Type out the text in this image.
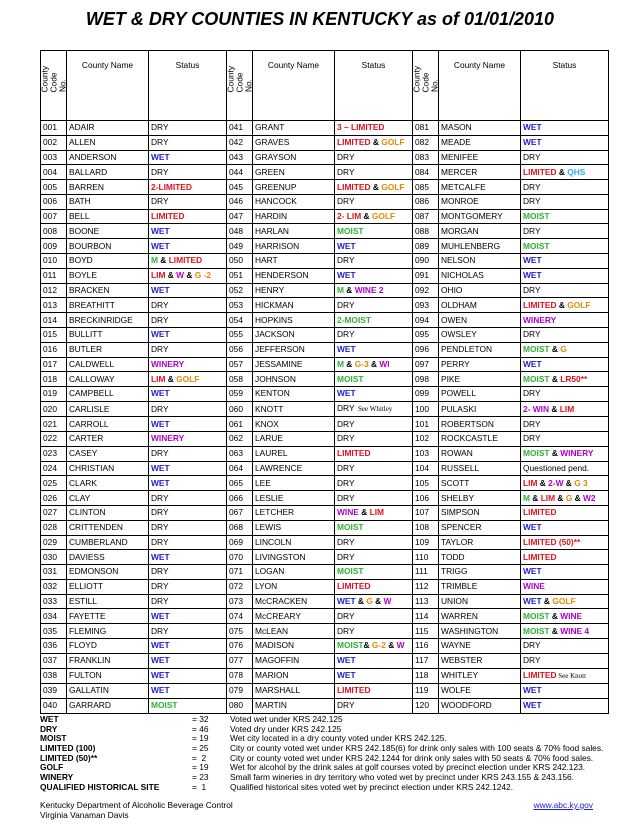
WET & DRY COUNTIES IN KENTUCKY as of 01/01/2010
County Code No.	County Name	Status	County Code No.	County Name	Status	County Code No.	County Name	Status
001	ADAIR	DRY	041	GRANT	3 – LIMITED	081	MASON	WET
002	ALLEN	DRY	042	GRAVES	LIMITED & GOLF	082	MEADE	WET
003	ANDERSON	WET	043	GRAYSON	DRY	083	MENIFEE	DRY
004	BALLARD	DRY	044	GREEN	DRY	084	MERCER	LIMITED & QHS
005	BARREN	2-LIMITED	045	GREENUP	LIMITED & GOLF	085	METCALFE	DRY
006	BATH	DRY	046	HANCOCK	DRY	086	MONROE	DRY
007	BELL	LIMITED	047	HARDIN	2- LIM & GOLF	087	MONTGOMERY	MOIST
008	BOONE	WET	048	HARLAN	MOIST	088	MORGAN	DRY
009	BOURBON	WET	049	HARRISON	WET	089	MUHLENBERG	MOIST
010	BOYD	M & LIMITED	050	HART	DRY	090	NELSON	WET
011	BOYLE	LIM & W & G -2	051	HENDERSON	WET	091	NICHOLAS	WET
012	BRACKEN	WET	052	HENRY	M & WINE 2	092	OHIO	DRY
013	BREATHITT	DRY	053	HICKMAN	DRY	093	OLDHAM	LIMITED & GOLF
014	BRECKINRIDGE	DRY	054	HOPKINS	2-MOIST	094	OWEN	WINERY
015	BULLITT	WET	055	JACKSON	DRY	095	OWSLEY	DRY
016	BUTLER	DRY	056	JEFFERSON	WET	096	PENDLETON	MOIST & G
017	CALDWELL	WINERY	057	JESSAMINE	M & G-3 & WI	097	PERRY	WET
018	CALLOWAY	LIM & GOLF	058	JOHNSON	MOIST	098	PIKE	MOIST & LR50**
019	CAMPBELL	WET	059	KENTON	WET	099	POWELL	DRY
020	CARLISLE	DRY	060	KNOTT	DRY  See Whitley	100	PULASKI	2- WIN & LIM
021	CARROLL	WET	061	KNOX	DRY	101	ROBERTSON	DRY
022	CARTER	WINERY	062	LARUE	DRY	102	ROCKCASTLE	DRY
023	CASEY	DRY	063	LAUREL	LIMITED	103	ROWAN	MOIST & WINERY
024	CHRISTIAN	WET	064	LAWRENCE	DRY	104	RUSSELL	Questioned pend.
025	CLARK	WET	065	LEE	DRY	105	SCOTT	LIM & 2-W & G 3
026	CLAY	DRY	066	LESLIE	DRY	106	SHELBY	M & LIM & G & W2
027	CLINTON	DRY	067	LETCHER	WINE & LIM	107	SIMPSON	LIMITED
028	CRITTENDEN	DRY	068	LEWIS	MOIST	108	SPENCER	WET
029	CUMBERLAND	DRY	069	LINCOLN	DRY	109	TAYLOR	LIMITED (50)**
030	DAVIESS	WET	070	LIVINGSTON	DRY	110	TODD	LIMITED
031	EDMONSON	DRY	071	LOGAN	MOIST	111	TRIGG	WET
032	ELLIOTT	DRY	072	LYON	LIMITED	112	TRIMBLE	WINE
033	ESTILL	DRY	073	McCRACKEN	WET & G & W	113	UNION	WET & GOLF
034	FAYETTE	WET	074	McCREARY	DRY	114	WARREN	MOIST & WINE
035	FLEMING	DRY	075	McLEAN	DRY	115	WASHINGTON	MOIST & WINE 4
036	FLOYD	WET	076	MADISON	MOIST& G-2 & W	116	WAYNE	DRY
037	FRANKLIN	WET	077	MAGOFFIN	WET	117	WEBSTER	DRY
038	FULTON	WET	078	MARION	WET	118	WHITLEY	LIMITED See Knott
039	GALLATIN	WET	079	MARSHALL	LIMITED	119	WOLFE	WET
040	GARRARD	MOIST	080	MARTIN	DRY	120	WOODFORD	WET
WET	= 32	Voted wet under KRS 242.125
DRY	= 46	Voted dry under KRS 242.125
MOIST	= 19	Wet city located in a dry county voted under KRS 242.125.
LIMITED (100)	= 25	City or county voted wet under KRS 242.185(6) for drink only sales with 100 seats & 70% food sales.
LIMITED (50)**	=  2	City or county voted wet under KRS 242.1244 for drink only sales with 50 seats & 70% food sales.
GOLF	= 19	Wet for alcohol by the drink sales at golf courses voted by precinct election under KRS 242.123.
WINERY	= 23	Small farm wineries in dry territory who voted wet by precinct under KRS 243.155 & 243.156.
QUALIFIED HISTORICAL SITE	=  1	Qualified historical sites voted wet by precinct election under KRS 242.1242.
Kentucky Department of Alcoholic Beverage Control
Virginia Vanaman Davis
www.abc.ky.gov
